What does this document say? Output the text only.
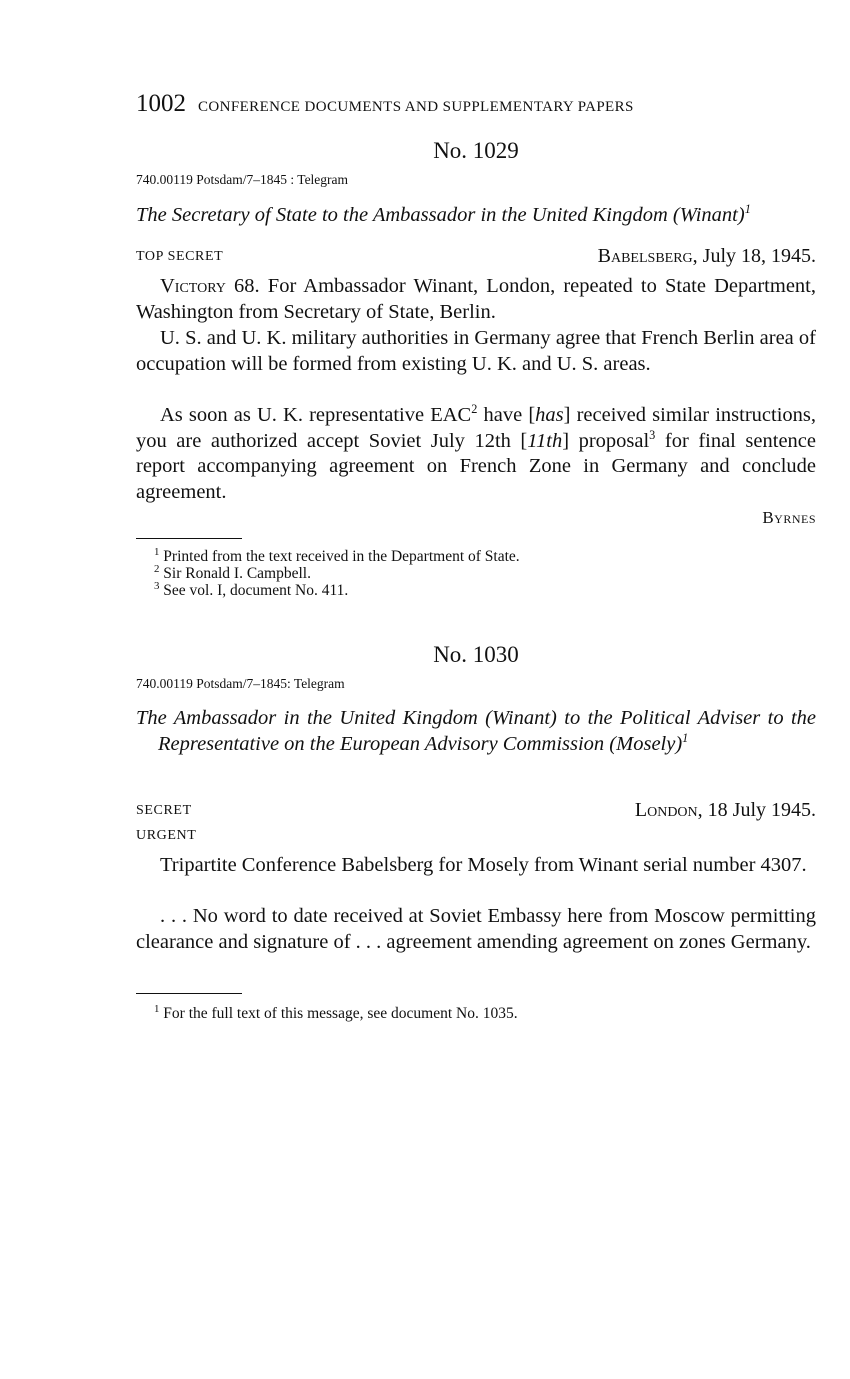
1002 CONFERENCE DOCUMENTS AND SUPPLEMENTARY PAPERS
No. 1029
740.00119 Potsdam/7–1845 : Telegram
The Secretary of State to the Ambassador in the United Kingdom (Winant)$^1$
TOP SECRET	Babelsberg, July 18, 1945.
Victory 68. For Ambassador Winant, London, repeated to State Department, Washington from Secretary of State, Berlin.
U. S. and U. K. military authorities in Germany agree that French Berlin area of occupation will be formed from existing U. K. and U. S. areas.
As soon as U. K. representative EAC$^2$ have [has] received similar instructions, you are authorized accept Soviet July 12th [11th] proposal$^3$ for final sentence report accompanying agreement on French Zone in Germany and conclude agreement.
Byrnes
$^1$ Printed from the text received in the Department of State.
$^2$ Sir Ronald I. Campbell.
$^3$ See vol. I, document No. 411.
No. 1030
740.00119 Potsdam/7–1845: Telegram
The Ambassador in the United Kingdom (Winant) to the Political Adviser to the Representative on the European Advisory Commission (Mosely)$^1$
SECRET	London, 18 July 1945.
URGENT
Tripartite Conference Babelsberg for Mosely from Winant serial number 4307.
. . . No word to date received at Soviet Embassy here from Moscow permitting clearance and signature of . . . agreement amending agreement on zones Germany.
$^1$ For the full text of this message, see document No. 1035.
